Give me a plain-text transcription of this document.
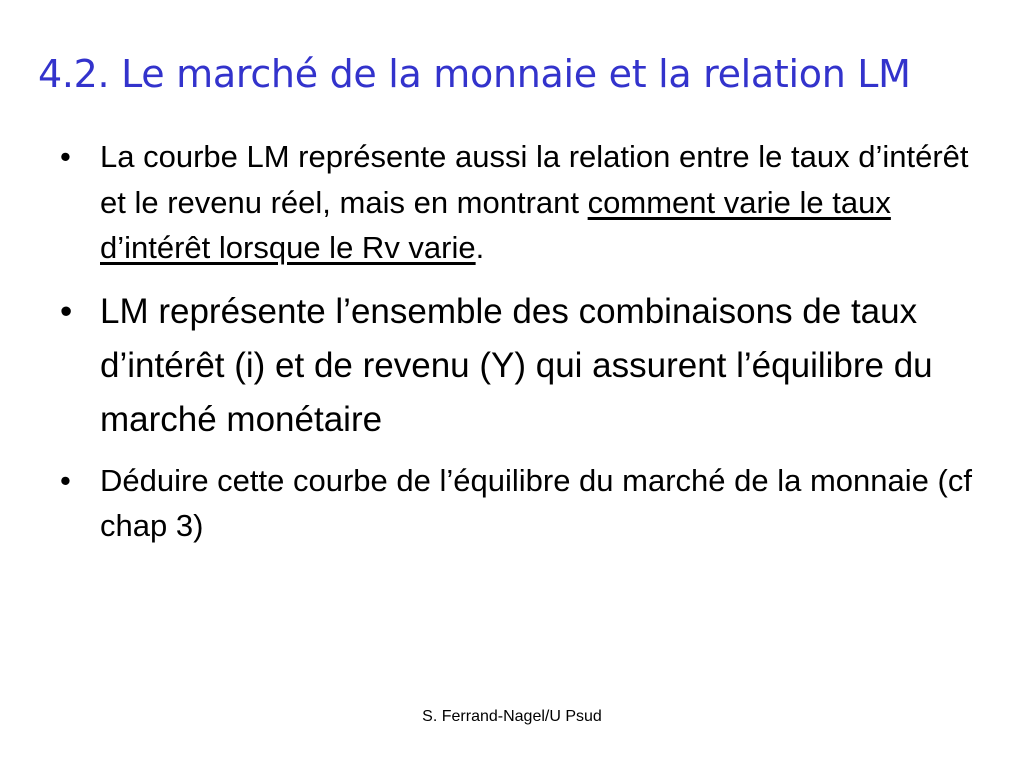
4.2. Le marché de la monnaie et la relation LM
• La courbe LM représente aussi la relation entre le taux d’intérêt et le revenu réel, mais en montrant comment varie le taux d’intérêt lorsque le Rv varie.
• LM représente l’ensemble des combinaisons de taux d’intérêt (i) et de revenu (Y) qui assurent l’équilibre du marché monétaire
• Déduire cette courbe de l’équilibre du marché de la monnaie (cf chap 3)
S. Ferrand-Nagel/U Psud
